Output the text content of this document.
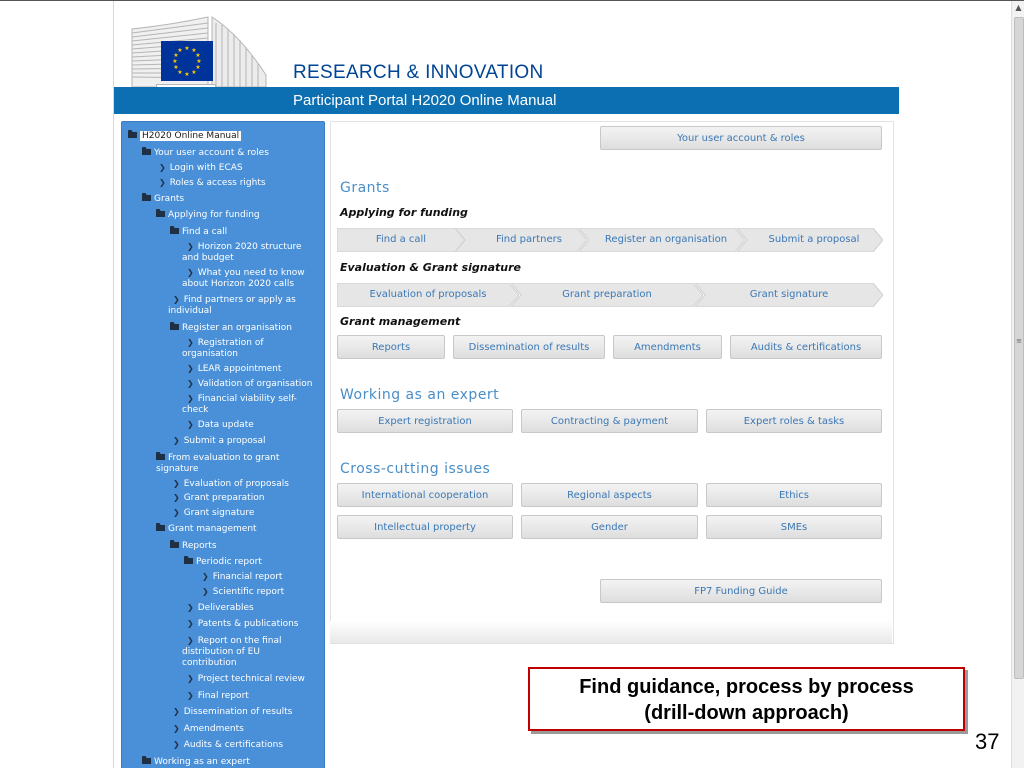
★ ★
★
★
★
★
★
★
★
★
★
★
RESEARCH & INNOVATION
Participant Portal H2020 Online Manual
H2020 Online Manual
Your user account & roles
❯ Login with ECAS
❯ Roles & access rights
Grants
Applying for funding
Find a call
❯ Horizon 2020 structure and budget
❯ What you need to know about Horizon 2020 calls
❯ Find partners or apply as individual
Register an organisation
❯ Registration of organisation
❯ LEAR appointment
❯ Validation of organisation
❯ Financial viability self-check
❯ Data update
❯ Submit a proposal
From evaluation to grant signature
❯ Evaluation of proposals
❯ Grant preparation
❯ Grant signature
Grant management
Reports
Periodic report
❯ Financial report
❯ Scientific report
❯ Deliverables
❯ Patents & publications
❯ Report on the final distribution of EU contribution
❯ Project technical review
❯ Final report
❯ Dissemination of results
❯ Amendments
❯ Audits & certifications
Working as an expert
Your user account & roles
Grants
Applying for funding
Find a call	Find partners	Register an organisation	Submit a proposal
Evaluation & Grant signature
Evaluation of proposals	Grant preparation	Grant signature
Grant management
Reports	Dissemination of results	Amendments	Audits & certifications
Working as an expert
Expert registration	Contracting & payment	Expert roles & tasks
Cross-cutting issues
International cooperation	Regional aspects	Ethics
Intellectual property	Gender	SMEs
FP7 Funding Guide
▲
≡
Find guidance, process by process
(drill-down approach)
37
